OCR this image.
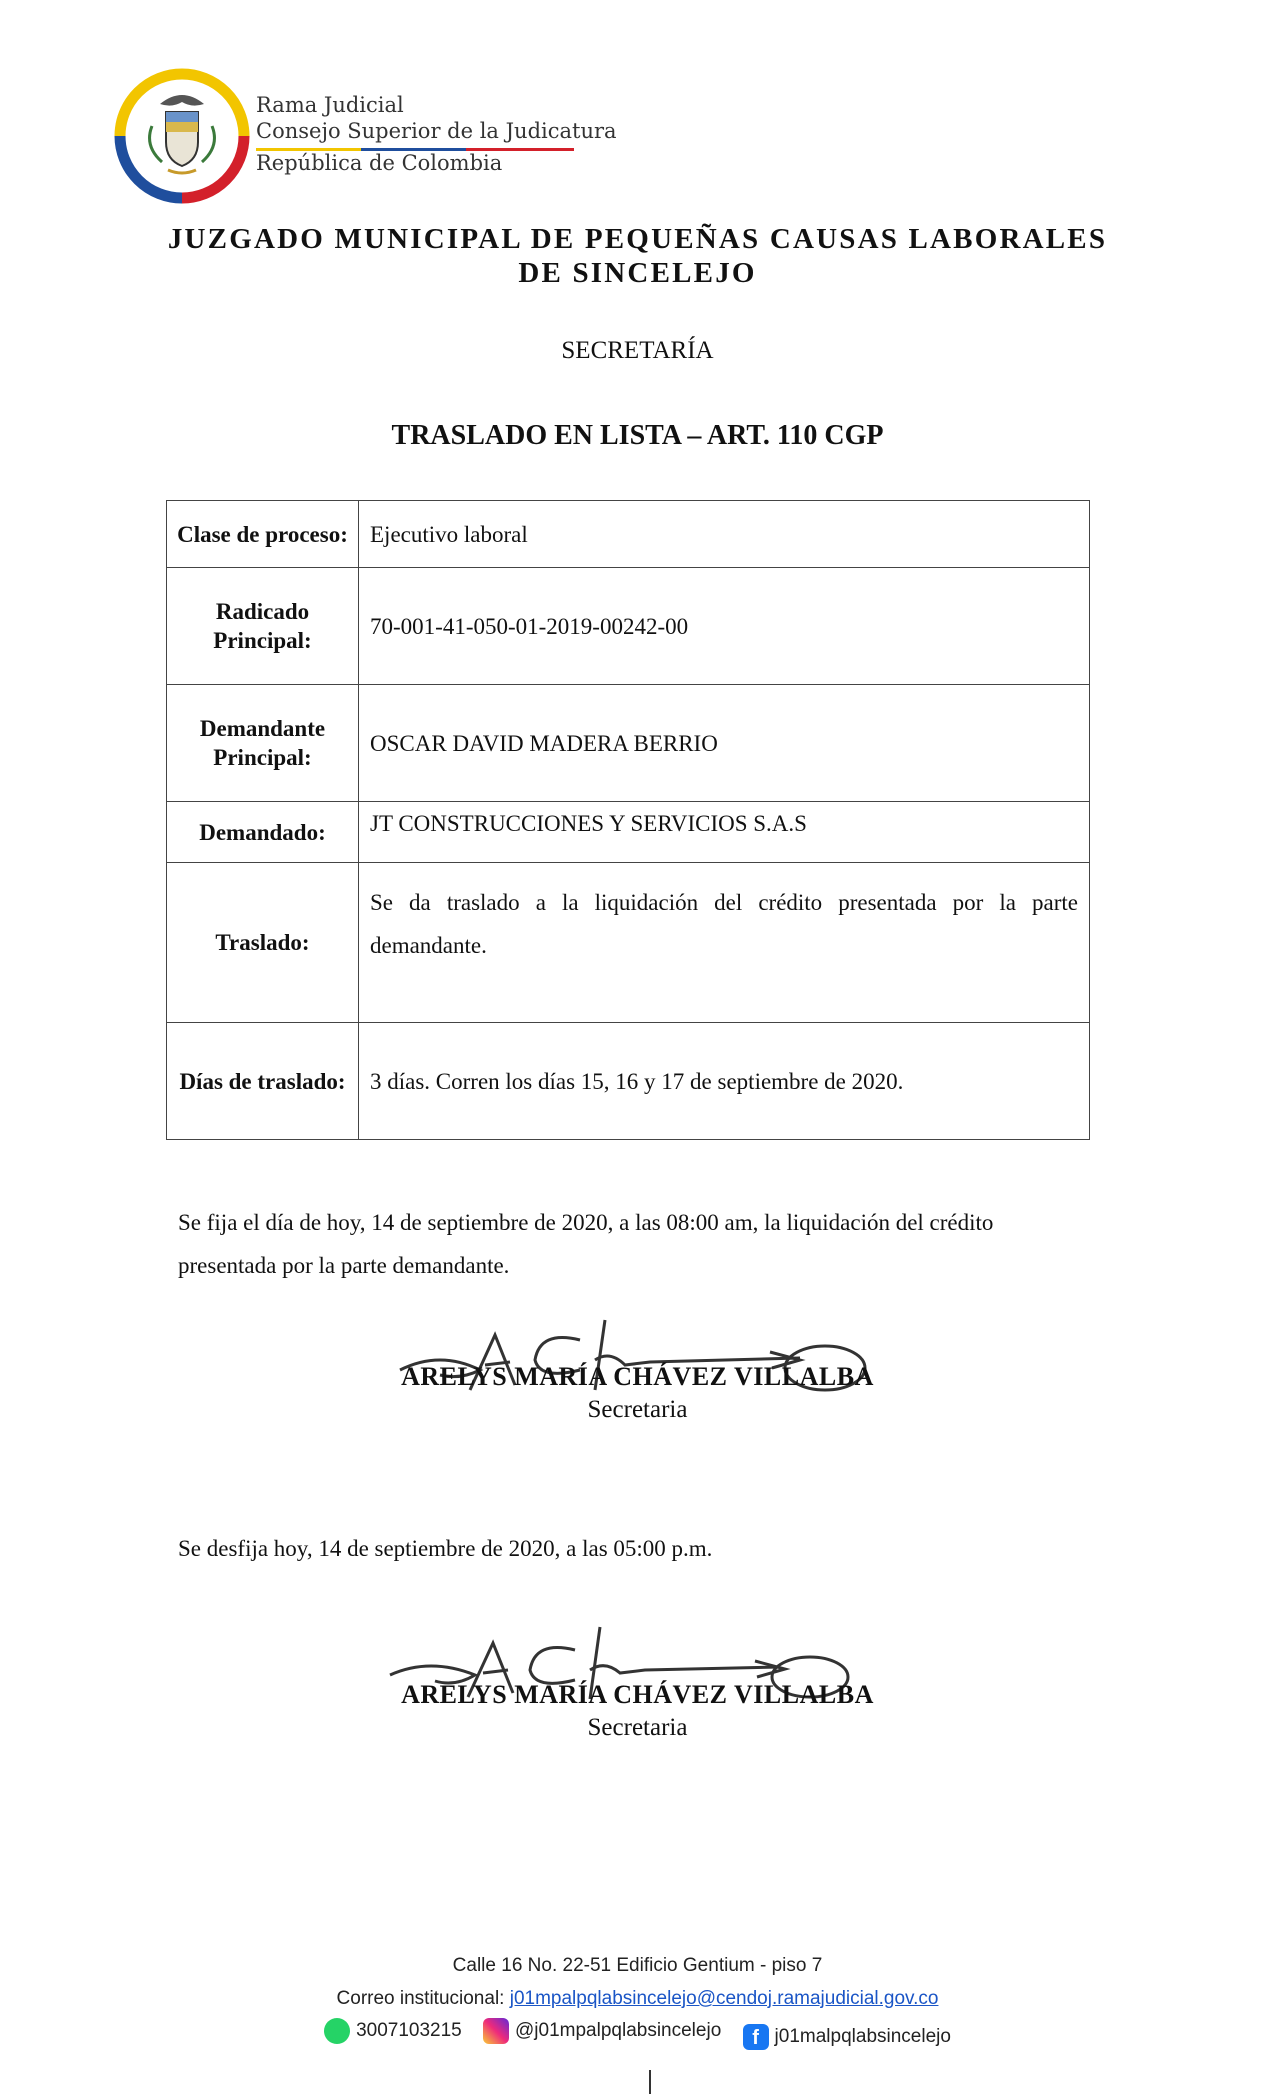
Rama Judicial
Consejo Superior de la Judicatura
República de Colombia
JUZGADO MUNICIPAL DE PEQUEÑAS CAUSAS LABORALES
DE SINCELEJO
SECRETARÍA
TRASLADO EN LISTA – ART. 110 CGP
Clase de proceso:	Ejecutivo laboral
Radicado Principal:	70-001-41-050-01-2019-00242-00
Demandante Principal:	OSCAR DAVID MADERA BERRIO
Demandado:	JT CONSTRUCCIONES Y SERVICIOS S.A.S
Traslado:	Se da traslado a la liquidación del crédito presentada por la parte demandante.
Días de traslado:	3 días. Corren los días 15, 16 y 17 de septiembre de 2020.
Se fija el día de hoy, 14 de septiembre de 2020, a las 08:00 am, la liquidación del crédito presentada por la parte demandante.
ARELYS MARÍA CHÁVEZ VILLALBA
Secretaria
Se desfija hoy, 14 de septiembre de 2020, a las 05:00 p.m.
ARELYS MARÍA CHÁVEZ VILLALBA
Secretaria
Calle 16 No. 22-51 Edificio Gentium - piso 7
Correo institucional: j01mpalpqlabsincelejo@cendoj.ramajudicial.gov.co
3007103215
	@j01mpalpqlabsincelejo
	f j01malpqlabsincelejo
